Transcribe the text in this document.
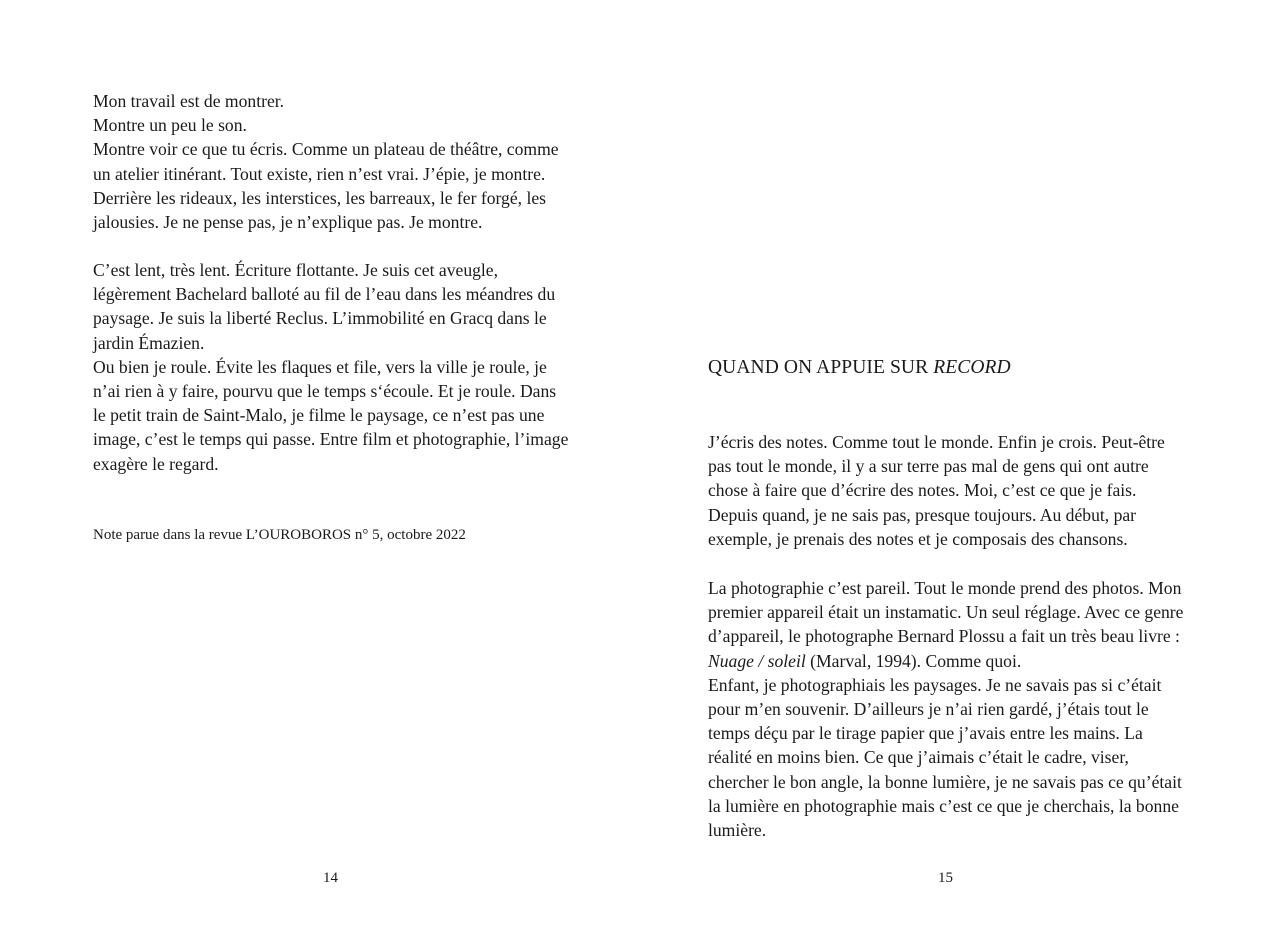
Mon travail est de montrer.
Montre un peu le son.
Montre voir ce que tu écris. Comme un plateau de théâtre, comme un atelier itinérant. Tout existe, rien n’est vrai. J’épie, je montre. Derrière les rideaux, les interstices, les barreaux, le fer forgé, les jalousies. Je ne pense pas, je n’explique pas. Je montre.
C’est lent, très lent. Écriture flottante. Je suis cet aveugle, légèrement Bachelard balloté au fil de l’eau dans les méandres du paysage. Je suis la liberté Reclus. L’immobilité en Gracq dans le jardin Émazien.
Ou bien je roule. Évite les flaques et file, vers la ville je roule, je n’ai rien à y faire, pourvu que le temps s‘écoule. Et je roule. Dans le petit train de Saint-Malo, je filme le paysage, ce n’est pas une image, c’est le temps qui passe. Entre film et photographie, l’image exagère le regard.
Note parue dans la revue L’OUROBOROS n° 5, octobre 2022
14
QUAND ON APPUIE SUR RECORD
J’écris des notes. Comme tout le monde. Enfin je crois. Peut-être pas tout le monde, il y a sur terre pas mal de gens qui ont autre chose à faire que d’écrire des notes. Moi, c’est ce que je fais. Depuis quand, je ne sais pas, presque toujours. Au début, par exemple, je prenais des notes et je composais des chansons.
La photographie c’est pareil. Tout le monde prend des photos. Mon premier appareil était un instamatic. Un seul réglage. Avec ce genre d’appareil, le photographe Bernard Plossu a fait un très beau livre : Nuage / soleil (Marval, 1994). Comme quoi.
Enfant, je photographiais les paysages. Je ne savais pas si c’était pour m’en souvenir. D’ailleurs je n’ai rien gardé, j’étais tout le temps déçu par le tirage papier que j’avais entre les mains. La réalité en moins bien. Ce que j’aimais c’était le cadre, viser, chercher le bon angle, la bonne lumière, je ne savais pas ce qu’était la lumière en photographie mais c’est ce que je cherchais, la bonne lumière.
15
